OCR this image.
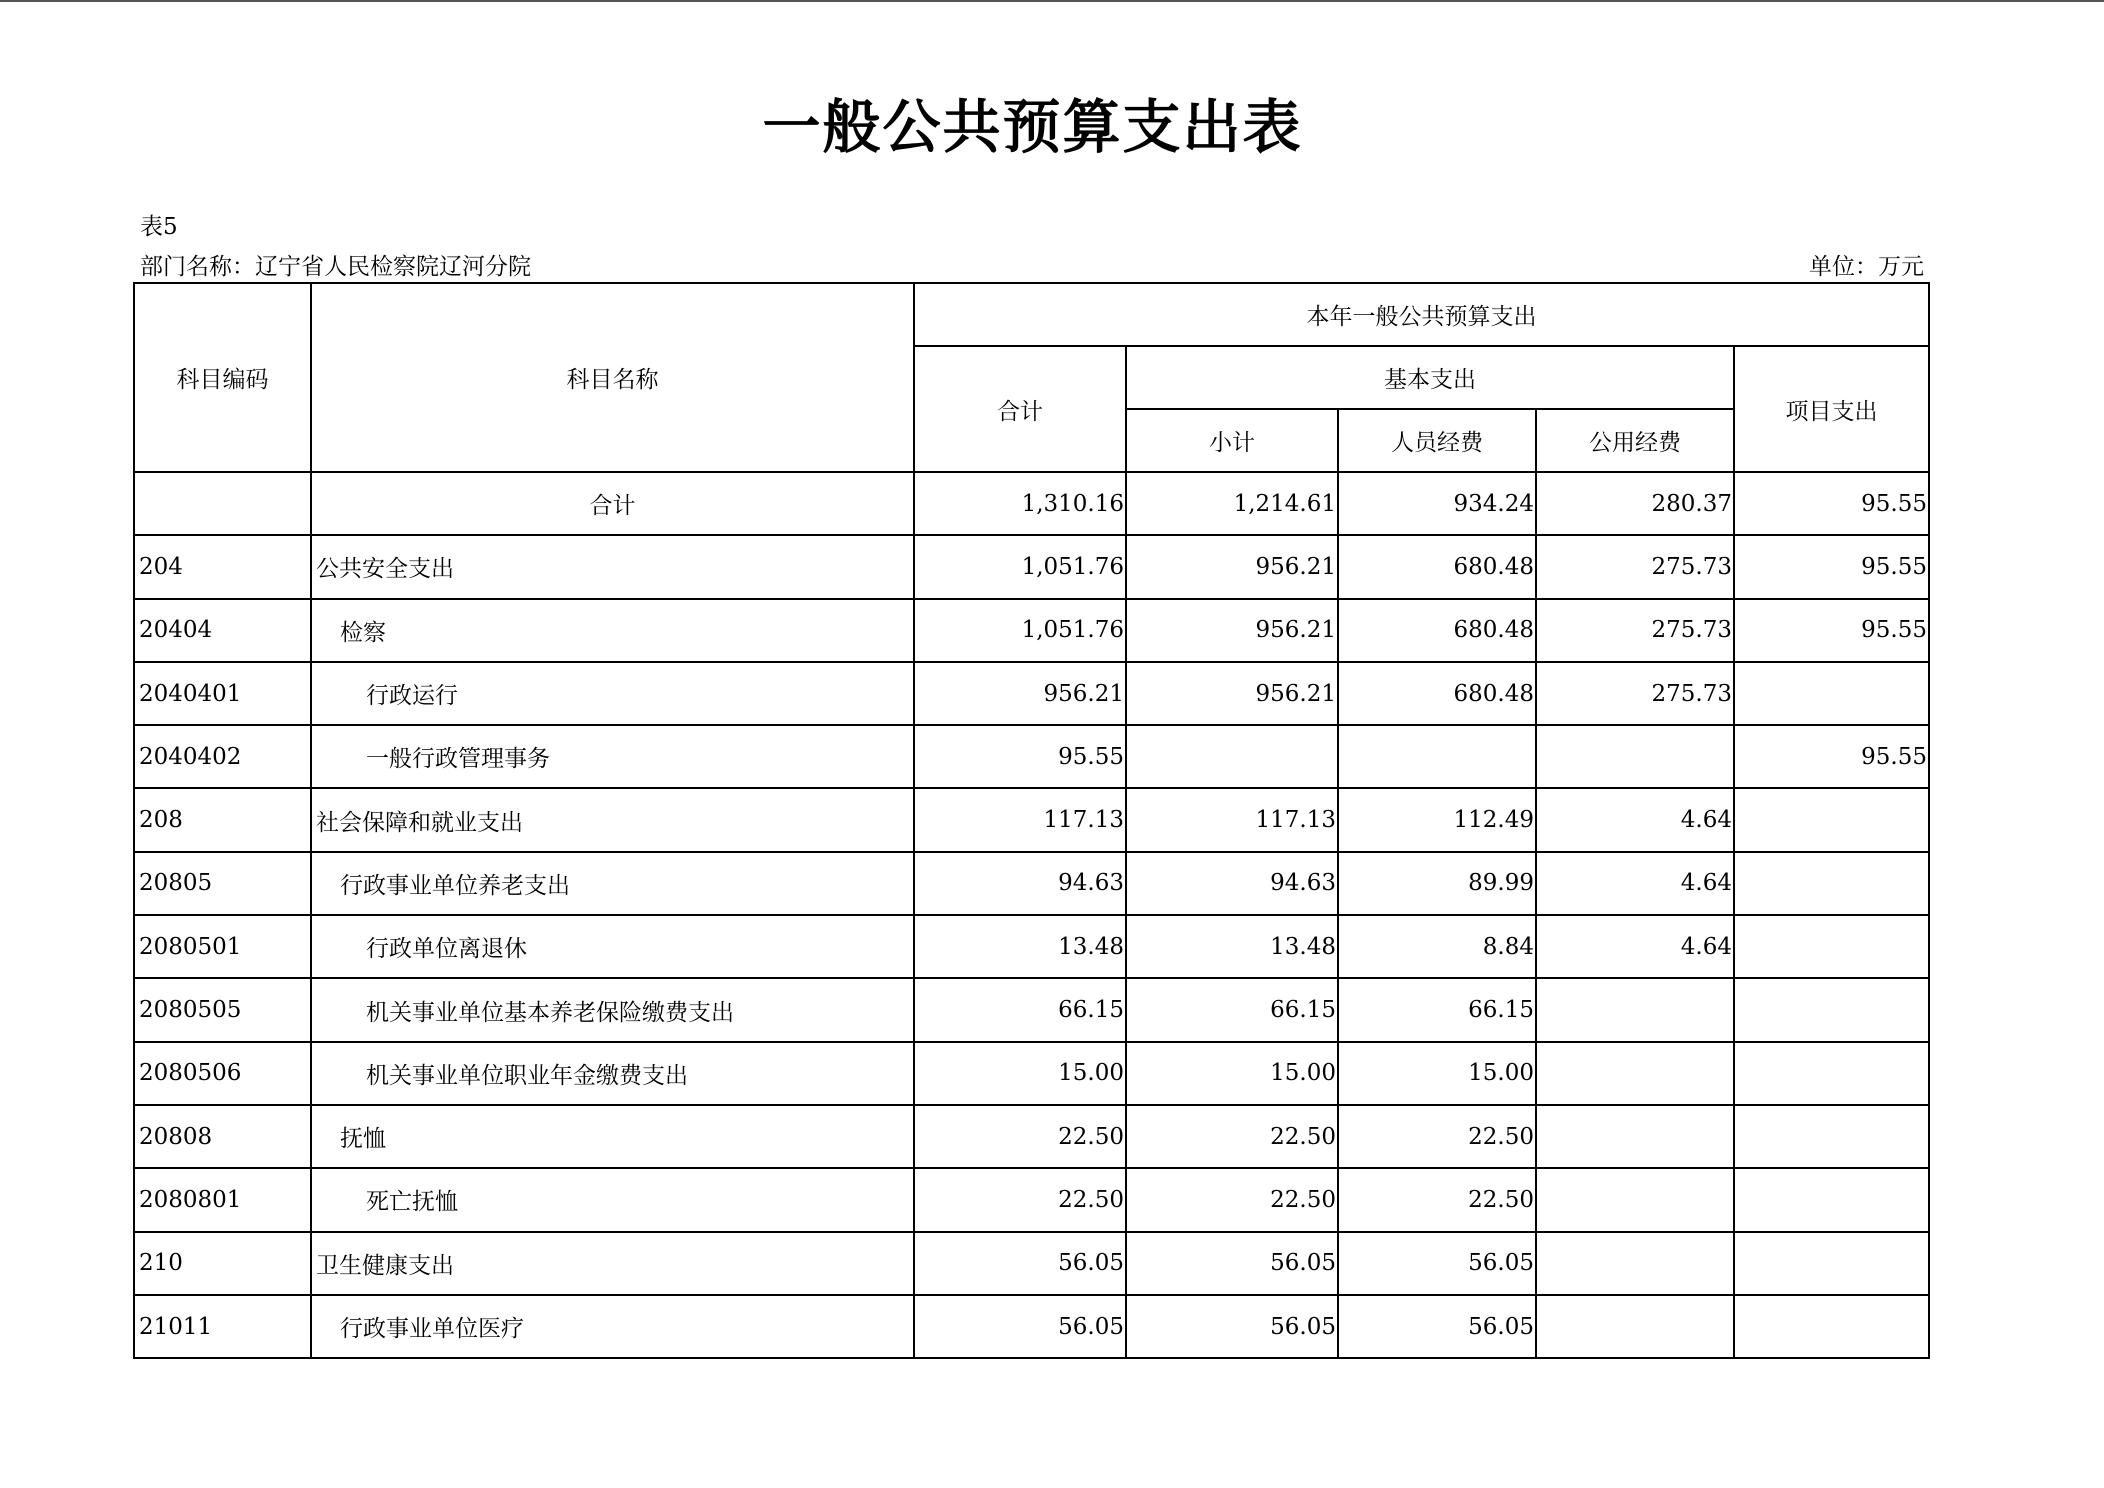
一般公共预算支出表
表5
部门名称：辽宁省人民检察院辽河分院	单位：万元
科目编码	科目名称	本年一般公共预算支出				
		合计	基本支出			项目支出
			小计	人员经费	公用经费	
	合计	1,310.16	1,214.61	934.24	280.37	95.55
204	公共安全支出	1,051.76	956.21	680.48	275.73	95.55
20404	检察	1,051.76	956.21	680.48	275.73	95.55
2040401	行政运行	956.21	956.21	680.48	275.73	
2040402	一般行政管理事务	95.55				95.55
208	社会保障和就业支出	117.13	117.13	112.49	4.64	
20805	行政事业单位养老支出	94.63	94.63	89.99	4.64	
2080501	行政单位离退休	13.48	13.48	8.84	4.64	
2080505	机关事业单位基本养老保险缴费支出	66.15	66.15	66.15		
2080506	机关事业单位职业年金缴费支出	15.00	15.00	15.00		
20808	抚恤	22.50	22.50	22.50		
2080801	死亡抚恤	22.50	22.50	22.50		
210	卫生健康支出	56.05	56.05	56.05		
21011	行政事业单位医疗	56.05	56.05	56.05		
